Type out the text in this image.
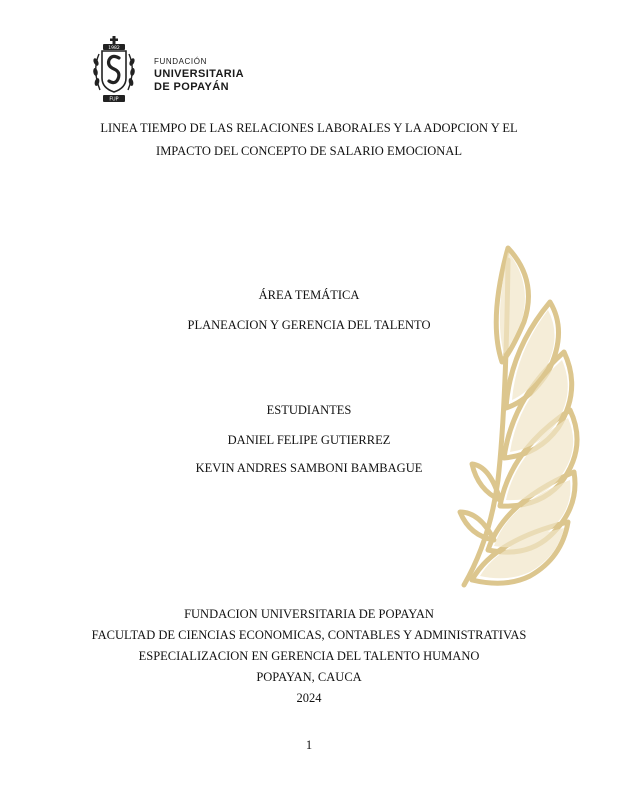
1982
FUP
FUNDACIÓN
UNIVERSITARIA
DE POPAYÁN
LINEA TIEMPO DE LAS RELACIONES LABORALES Y LA ADOPCION Y EL
IMPACTO DEL CONCEPTO DE SALARIO EMOCIONAL
ÁREA TEMÁTICA
PLANEACION Y GERENCIA DEL TALENTO
ESTUDIANTES
DANIEL FELIPE GUTIERREZ
KEVIN ANDRES SAMBONI BAMBAGUE
FUNDACION UNIVERSITARIA DE POPAYAN
FACULTAD DE CIENCIAS ECONOMICAS, CONTABLES Y ADMINISTRATIVAS
ESPECIALIZACION EN GERENCIA DEL TALENTO HUMANO
POPAYAN, CAUCA
2024
1
